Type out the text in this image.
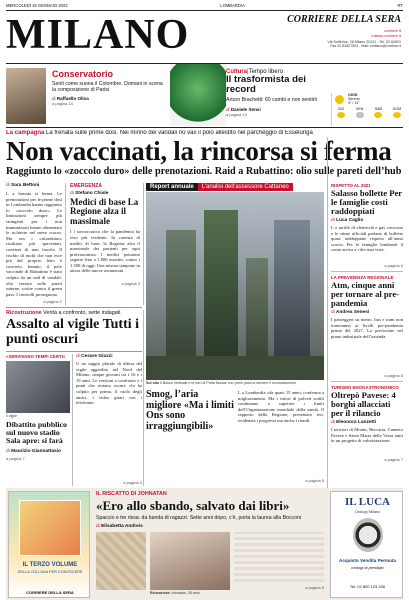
MERCOLEDÌ 18 GENNAIO 2022	LOMBARDIA	RT
MILANO	CORRIERE DELLA SERA
corriere.it
milano.corriere.it
Via Solferino, 28 Milano 20121 - Tel. 02 62821
Fax 02 62827503 - Mail: cmilano@corriere.it
Conservatorio
Senti come suona il Colombre. Domani in scena la composizione di Parisi
di Raffaello Oliva
a pagina 14
Cultura|Tempo libero
Il trasformista dei record
Arturo Brachetti: 60 cambi e non sentirli
di Daniele Sensi
a pagina 13
OGGI
Sereno
4° / 11°
GIO	VEN	SAB	DOM
La campagna La frenata sulle prime dosi. Nei mirino dei vandali no vax il polo allestito nel parcheggio di Esselunga
Non vaccinati, la rincorsa si ferma
Raggiunto lo «zoccolo duro» delle prenotazioni. Raid a Rubattino: olio sulle pareti dell’hub
di Sara Bettoni
L a frenata si ferma. Le prenotazioni per le prime dosi in Lombardia hanno raggiunto lo «zoccolo duro». Le limitazioni sempre più stringenti per i non immunizzati hanno alimentato le richieste nel mese scorso. Ma ora i «ritardatari» risultano più spaventati, convinti di non farcela. Il rischio di molti che non esce più dal proprio letto è concreto. Intanto, il polo vaccinale di Rubattino è stato colpito da un raid di vandali: olio versato sulle pareti esterne, scritte contro il green pass. I controlli proseguono.
a pagina 2
EMERGENZA
di Stefano Chiale
Medici di base La Regione alza il massimale
I l sovraccarico che la pandemia ha reso più evidente. In carenza di medici di base, la Regione alza il massimale dei pazienti per ogni professionista. I medici potranno seguire fino a 1.800 assistiti, contro i 1.500 di oggi. Una misura tampone in attesa delle nuove assunzioni.
a pagina 3
Report annuale	L’analisi dell’assessore Cattaneo
Sul sito Il Bosco Verticale e le torri di Porta Nuova: tra i primi piani a ricevere il riconoscimento
RISPETTO AL 2021
Salasso bollette Per le famiglie costi raddoppiati
di Luca Caglio
L e tariffe di elettricità e gas crescono e le stime ufficiali parlano di bollette quasi raddoppiate rispetto all’anno scorso. Per le famiglie lombarde il conto arriva a cifre mai viste.
a pagina 6
LA PREVIDENZA REGIONALE
Atm, cinque anni per tornare al pre-pandemia
di Andrea Senesi
I passeggeri su metro, bus e tram non torneranno ai livelli pre-pandemia prima del 2027. La previsione nel piano industriale dell’azienda.
a pagina 6
TURISMO ENOGASTRONOMICO
Oltrepò Pavese: 4 borghi allacciati per il rilancio
di Eleonora Lanzetti
I territori di Montù, Beccaria, Canneto Pavese e Santa Maria della Versa uniti in un progetto di valorizzazione.
a pagina 7
Ricostruzione Verità a confronto, sette indagati
Assalto al vigile Tutti i punti oscuri
«SERVIVANO TEMPI CERTI» di Cesare Giuzzi
Il vigile
U na saggio plurale di difesa del vigile aggredito nel Nord del Milano, cinque giovani tra i 16 e i 19 anni. Le versioni a confronto e i punti che restano oscuri: chi ha colpito per primo, il ruolo degli amici, i video girati con i telefonini.
a pagina 4
Dibattito pubblico sul nuovo stadio Sala apre: si farà
di Maurizio Giannattasio
a pagina 7
Smog, l’aria migliore «Ma i limiti Ons sono irraggiungibili»
L a Lombardia «da quasi 15 anni» conferma a miglioramento. Ma i valori di polveri sottili continuano a superare i limiti dell’Organizzazione mondiale della sanità. Il rapporto della Regione, presentato ieri, evidenzia i progressi ma anche i ritardi.
a pagina 5
IL TERZO VOLUME
DELLA COLLANA PER CONOSCERE
CORRIERE DELLA SERA
IL RISCATTO DI JOHNATAN
«Ero allo sbando, salvato dai libri»
Spaccio e tre rissa: da banda di ragazzi. Sette anni dopo, c’è, porta la laurea alla Bocconi
di Elisabetta Andreis
Educazione Johnatan, 26 anni
a pagina 9
IL LUCA
Orologi Milano
Acquisto Vendita Permuta
orologi di prestigio
Tel. 02 800 123 456
